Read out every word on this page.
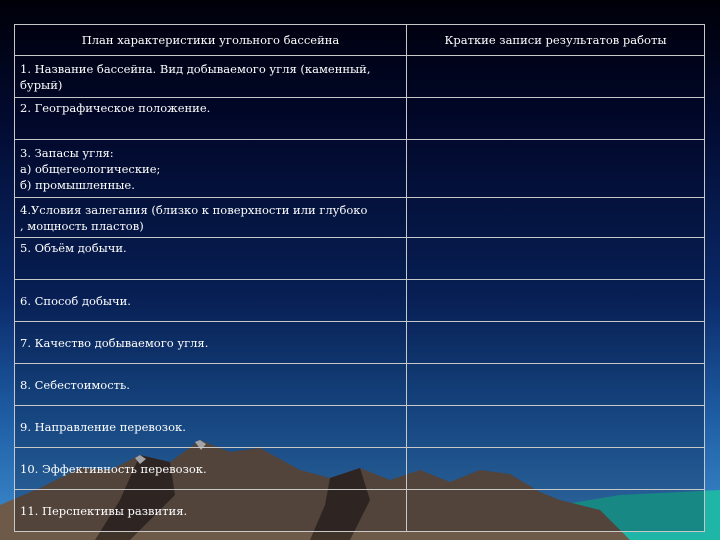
План характеристики угольного бассейна	Краткие записи результатов работы
1. Название бассейна. Вид добываемого угля (каменный,
бурый)	
2. Географическое положение.	
3. Запасы угля:
а) общегеологические;
б) промышленные.	
4.Условия залегания (близко к поверхности или глубоко
, мощность пластов)	
5. Объём добычи.	
6. Способ добычи.	
7. Качество добываемого угля.	
8. Себестоимость.	
9. Направление перевозок.	
10. Эффективность перевозок.	
11. Перспективы развития.	
